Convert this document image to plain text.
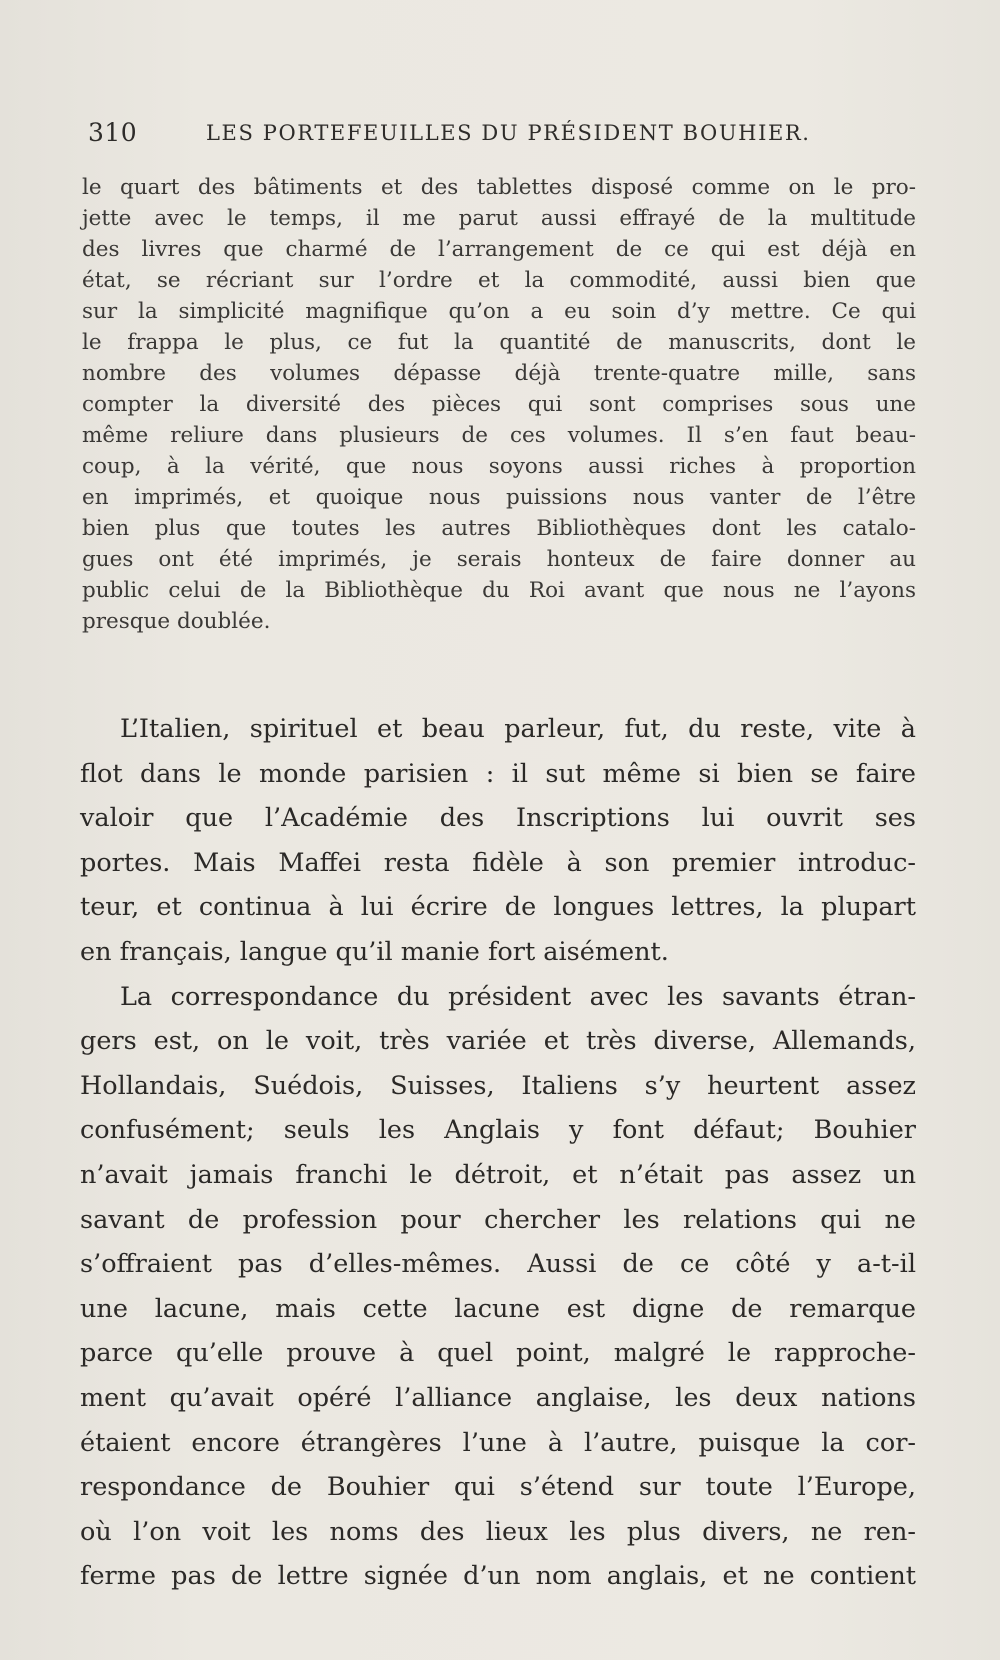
310	LES PORTEFEUILLES DU PRÉSIDENT BOUHIER.
le quart des bâtiments et des tablettes disposé comme on le pro-
jette avec le temps, il me parut aussi effrayé de la multitude
des livres que charmé de l’arrangement de ce qui est déjà en
état, se récriant sur l’ordre et la commodité, aussi bien que
sur la simplicité magnifique qu’on a eu soin d’y mettre. Ce qui
le frappa le plus, ce fut la quantité de manuscrits, dont le
nombre des volumes dépasse déjà trente-quatre mille, sans
compter la diversité des pièces qui sont comprises sous une
même reliure dans plusieurs de ces volumes. Il s’en faut beau-
coup, à la vérité, que nous soyons aussi riches à proportion
en imprimés, et quoique nous puissions nous vanter de l’être
bien plus que toutes les autres Bibliothèques dont les catalo-
gues ont été imprimés, je serais honteux de faire donner au
public celui de la Bibliothèque du Roi avant que nous ne l’ayons
presque doublée.
L’Italien, spirituel et beau parleur, fut, du reste, vite à
flot dans le monde parisien : il sut même si bien se faire
valoir que l’Académie des Inscriptions lui ouvrit ses
portes. Mais Maffei resta fidèle à son premier introduc-
teur, et continua à lui écrire de longues lettres, la plupart
en français, langue qu’il manie fort aisément.
La correspondance du président avec les savants étran-
gers est, on le voit, très variée et très diverse, Allemands,
Hollandais, Suédois, Suisses, Italiens s’y heurtent assez
confusément; seuls les Anglais y font défaut; Bouhier
n’avait jamais franchi le détroit, et n’était pas assez un
savant de profession pour chercher les relations qui ne
s’offraient pas d’elles-mêmes. Aussi de ce côté y a-t-il
une lacune, mais cette lacune est digne de remarque
parce qu’elle prouve à quel point, malgré le rapproche-
ment qu’avait opéré l’alliance anglaise, les deux nations
étaient encore étrangères l’une à l’autre, puisque la cor-
respondance de Bouhier qui s’étend sur toute l’Europe,
où l’on voit les noms des lieux les plus divers, ne ren-
ferme pas de lettre signée d’un nom anglais, et ne contient
